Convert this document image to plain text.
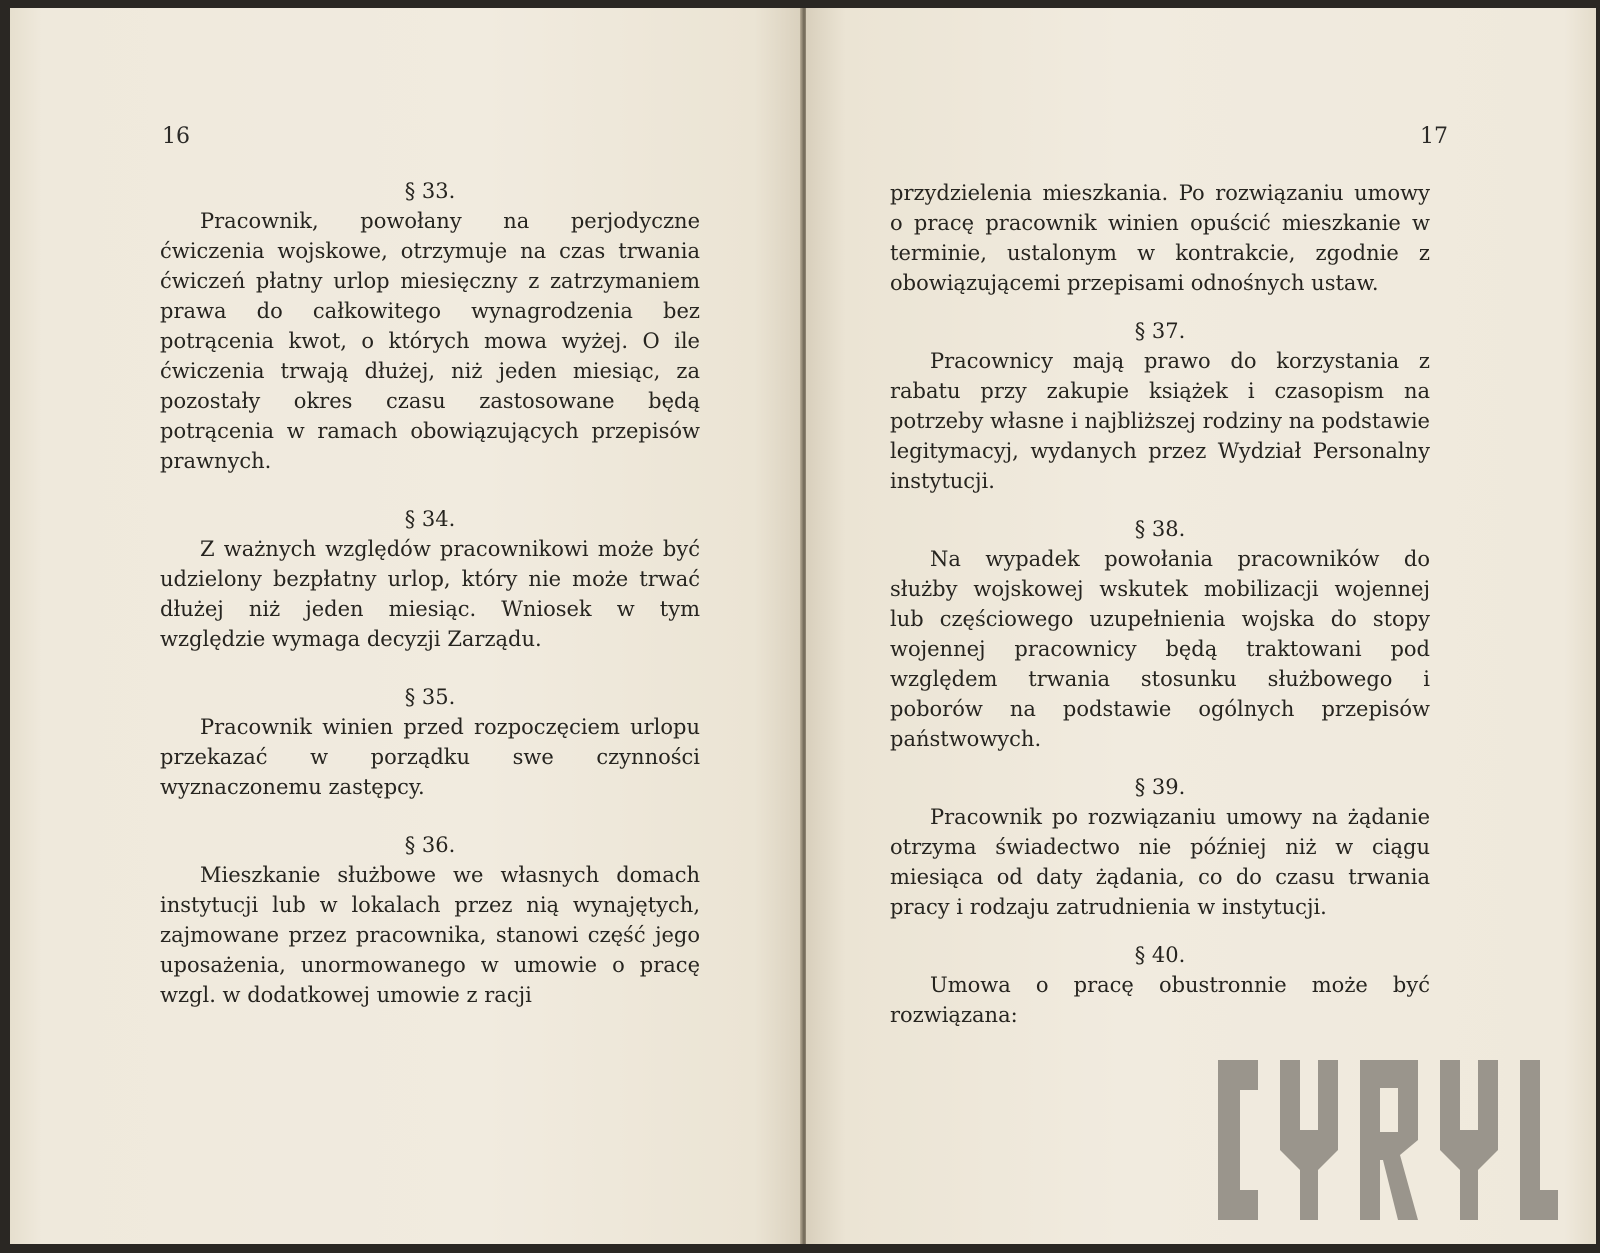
16
§ 33.

Pracownik, powołany na perjodyczne ćwiczenia wojskowe, otrzymuje na czas trwania ćwiczeń płatny urlop miesięczny z zatrzymaniem prawa do całkowitego wynagrodzenia bez potrącenia kwot, o których mowa wyżej. O ile ćwiczenia trwają dłużej, niż jeden miesiąc, za pozostały okres czasu zastosowane będą potrącenia w ramach obowiązujących przepisów prawnych.

§ 34.

Z ważnych względów pracownikowi może być udzielony bezpłatny urlop, który nie może trwać dłużej niż jeden miesiąc. Wniosek w tym względzie wymaga decyzji Zarządu.

§ 35.

Pracownik winien przed rozpoczęciem urlopu przekazać w porządku swe czynności wyznaczonemu zastępcy.

§ 36.

Mieszkanie służbowe we własnych domach instytucji lub w lokalach przez nią wynajętych, zajmowane przez pracownika, stanowi część jego uposażenia, unormowanego w umowie o pracę wzgl. w dodatkowej umowie z racji

17

przydzielenia mieszkania. Po rozwiązaniu umowy o pracę pracownik winien opuścić mieszkanie w terminie, ustalonym w kontrakcie, zgodnie z obowiązującemi przepisami odnośnych ustaw.

§ 37.

Pracownicy mają prawo do korzystania z rabatu przy zakupie książek i czasopism na potrzeby własne i najbliższej rodziny na podstawie legitymacyj, wydanych przez Wydział Personalny instytucji.

§ 38.

Na wypadek powołania pracowników do służby wojskowej wskutek mobilizacji wojennej lub częściowego uzupełnienia wojska do stopy wojennej pracownicy będą traktowani pod względem trwania stosunku służbowego i poborów na podstawie ogólnych przepisów państwowych.

§ 39.

Pracownik po rozwiązaniu umowy na żądanie otrzyma świadectwo nie później niż w ciągu miesiąca od daty żądania, co do czasu trwania pracy i rodzaju zatrudnienia w instytucji.

§ 40.

Umowa o pracę obustronnie może być rozwiązana:
